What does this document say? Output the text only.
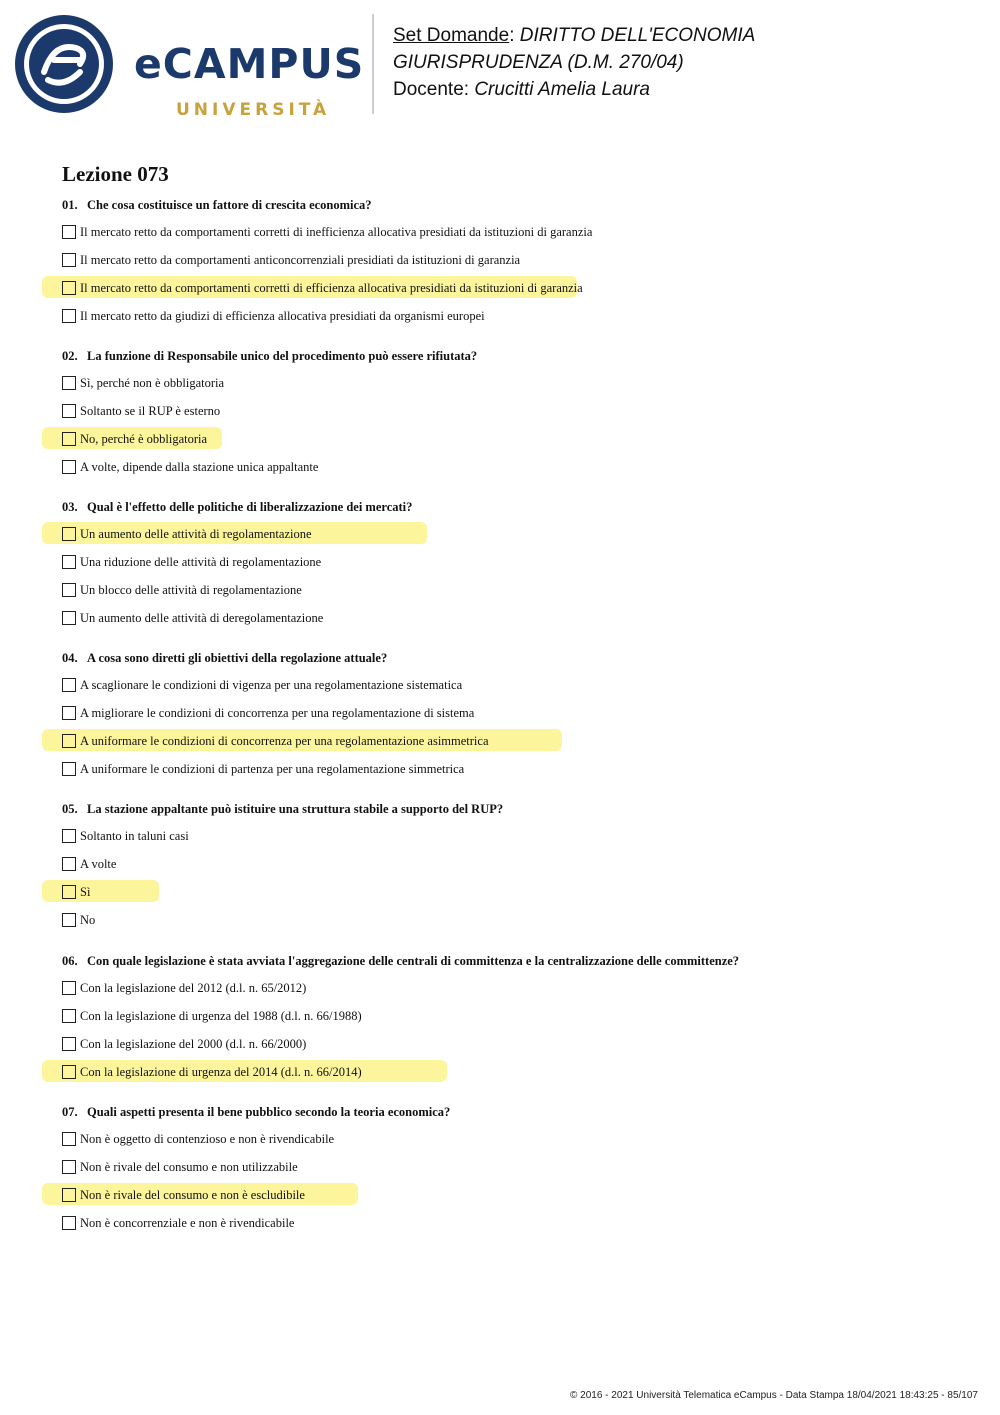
eCAMPUS
UNIVERSITÀ
Set Domande: DIRITTO DELL'ECONOMIA
GIURISPRUDENZA (D.M. 270/04)
Docente: Crucitti Amelia Laura
Lezione 073
01. Che cosa costituisce un fattore di crescita economica?
Il mercato retto da comportamenti corretti di inefficienza allocativa presidiati da istituzioni di garanzia
Il mercato retto da comportamenti anticoncorrenziali presidiati da istituzioni di garanzia
Il mercato retto da comportamenti corretti di efficienza allocativa presidiati da istituzioni di garanzia
Il mercato retto da giudizi di efficienza allocativa presidiati da organismi europei
02. La funzione di Responsabile unico del procedimento può essere rifiutata?
Sì, perché non è obbligatoria
Soltanto se il RUP è esterno
No, perché è obbligatoria
A volte, dipende dalla stazione unica appaltante
03. Qual è l'effetto delle politiche di liberalizzazione dei mercati?
Un aumento delle attività di regolamentazione
Una riduzione delle attività di regolamentazione
Un blocco delle attività di regolamentazione
Un aumento delle attività di deregolamentazione
04. A cosa sono diretti gli obiettivi della regolazione attuale?
A scaglionare le condizioni di vigenza per una regolamentazione sistematica
A migliorare le condizioni di concorrenza per una regolamentazione di sistema
A uniformare le condizioni di concorrenza per una regolamentazione asimmetrica
A uniformare le condizioni di partenza per una regolamentazione simmetrica
05. La stazione appaltante può istituire una struttura stabile a supporto del RUP?
Soltanto in taluni casi
A volte
Sì
No
06. Con quale legislazione è stata avviata l'aggregazione delle centrali di committenza e la centralizzazione delle committenze?
Con la legislazione del 2012 (d.l. n. 65/2012)
Con la legislazione di urgenza del 1988 (d.l. n. 66/1988)
Con la legislazione del 2000 (d.l. n. 66/2000)
Con la legislazione di urgenza del 2014 (d.l. n. 66/2014)
07. Quali aspetti presenta il bene pubblico secondo la teoria economica?
Non è oggetto di contenzioso e non è rivendicabile
Non è rivale del consumo e non utilizzabile
Non è rivale del consumo e non è escludibile
Non è concorrenziale e non è rivendicabile
© 2016 - 2021 Università Telematica eCampus - Data Stampa 18/04/2021 18:43:25 - 85/107
